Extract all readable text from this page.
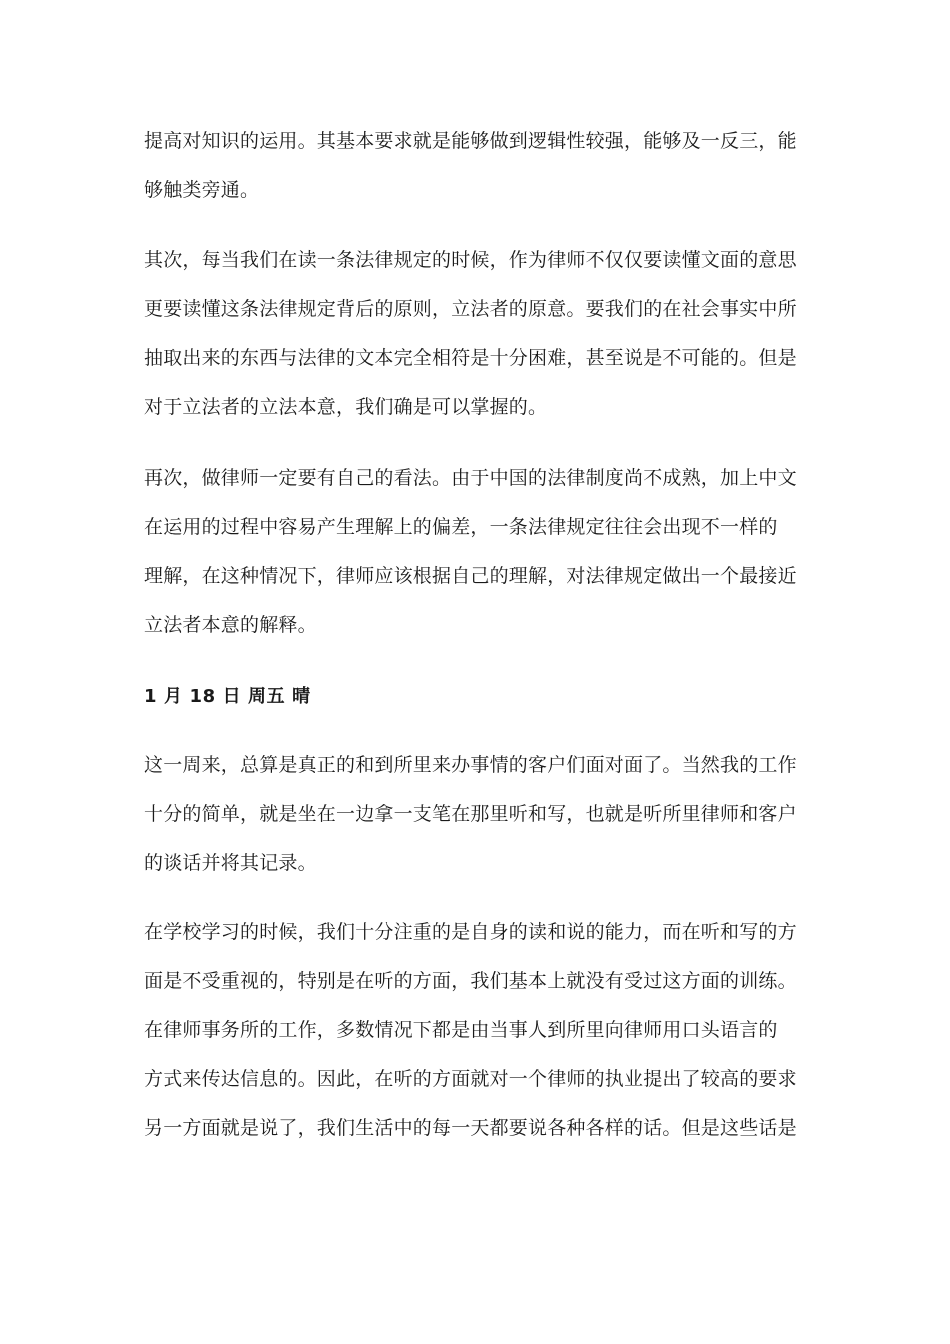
提高对知识的运用。其基本要求就是能够做到逻辑性较强，能够及一反三，能
够触类旁通。
其次，每当我们在读一条法律规定的时候，作为律师不仅仅要读懂文面的意思
更要读懂这条法律规定背后的原则，立法者的原意。要我们的在社会事实中所
抽取出来的东西与法律的文本完全相符是十分困难，甚至说是不可能的。但是
对于立法者的立法本意，我们确是可以掌握的。
再次，做律师一定要有自己的看法。由于中国的法律制度尚不成熟，加上中文
在运用的过程中容易产生理解上的偏差，一条法律规定往往会出现不一样的
理解，在这种情况下，律师应该根据自己的理解，对法律规定做出一个最接近
立法者本意的解释。
1 月 18 日 周五 晴
这一周来，总算是真正的和到所里来办事情的客户们面对面了。当然我的工作
十分的简单，就是坐在一边拿一支笔在那里听和写，也就是听所里律师和客户
的谈话并将其记录。
在学校学习的时候，我们十分注重的是自身的读和说的能力，而在听和写的方
面是不受重视的，特别是在听的方面，我们基本上就没有受过这方面的训练。
在律师事务所的工作，多数情况下都是由当事人到所里向律师用口头语言的
方式来传达信息的。因此，在听的方面就对一个律师的执业提出了较高的要求
另一方面就是说了，我们生活中的每一天都要说各种各样的话。但是这些话是
